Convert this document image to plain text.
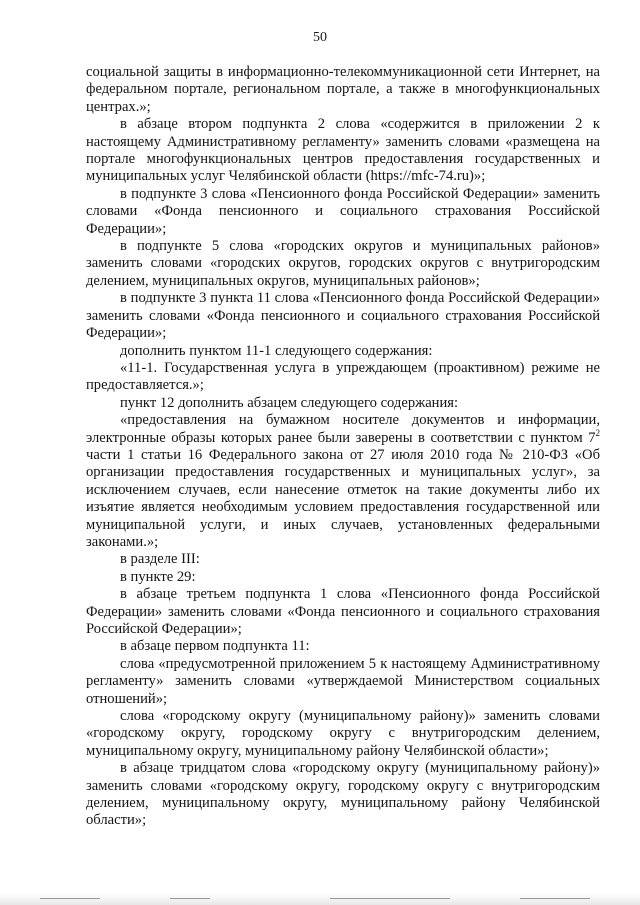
50

социальной защиты в информационно-телекоммуникационной сети Интернет, на федеральном портале, региональном портале, а также в многофункциональных центрах.»;

в абзаце втором подпункта 2 слова «содержится в приложении 2 к настоящему Административному регламенту» заменить словами «размещена на портале многофункциональных центров предоставления государственных и муниципальных услуг Челябинской области (https://mfc-74.ru)»;

в подпункте 3 слова «Пенсионного фонда Российской Федерации» заменить словами «Фонда пенсионного и социального страхования Российской Федерации»;

в подпункте 5 слова «городских округов и муниципальных районов» заменить словами «городских округов, городских округов с внутригородским делением, муниципальных округов, муниципальных районов»;

в подпункте 3 пункта 11 слова «Пенсионного фонда Российской Федерации» заменить словами «Фонда пенсионного и социального страхования Российской Федерации»;

дополнить пунктом 11-1 следующего содержания:

«11-1. Государственная услуга в упреждающем (проактивном) режиме не предоставляется.»;

пункт 12 дополнить абзацем следующего содержания:

«предоставления на бумажном носителе документов и информации, электронные образы которых ранее были заверены в соответствии с пунктом $7^2$ части 1 статьи 16 Федерального закона от 27 июля 2010 года № 210-ФЗ «Об организации предоставления государственных и муниципальных услуг», за исключением случаев, если нанесение отметок на такие документы либо их изъятие является необходимым условием предоставления государственной или муниципальной услуги, и иных случаев, установленных федеральными законами.»;

в разделе III:

в пункте 29:

в абзаце третьем подпункта 1 слова «Пенсионного фонда Российской Федерации» заменить словами «Фонда пенсионного и социального страхования Российской Федерации»;

в абзаце первом подпункта 11:

слова «предусмотренной приложением 5 к настоящему Административному регламенту» заменить словами «утверждаемой Министерством социальных отношений»;

слова «городскому округу (муниципальному району)» заменить словами «городскому округу, городскому округу с внутригородским делением, муниципальному округу, муниципальному району Челябинской области»;

в абзаце тридцатом слова «городскому округу (муниципальному району)» заменить словами «городскому округу, городскому округу с внутригородским делением, муниципальному округу, муниципальному району Челябинской области»;
